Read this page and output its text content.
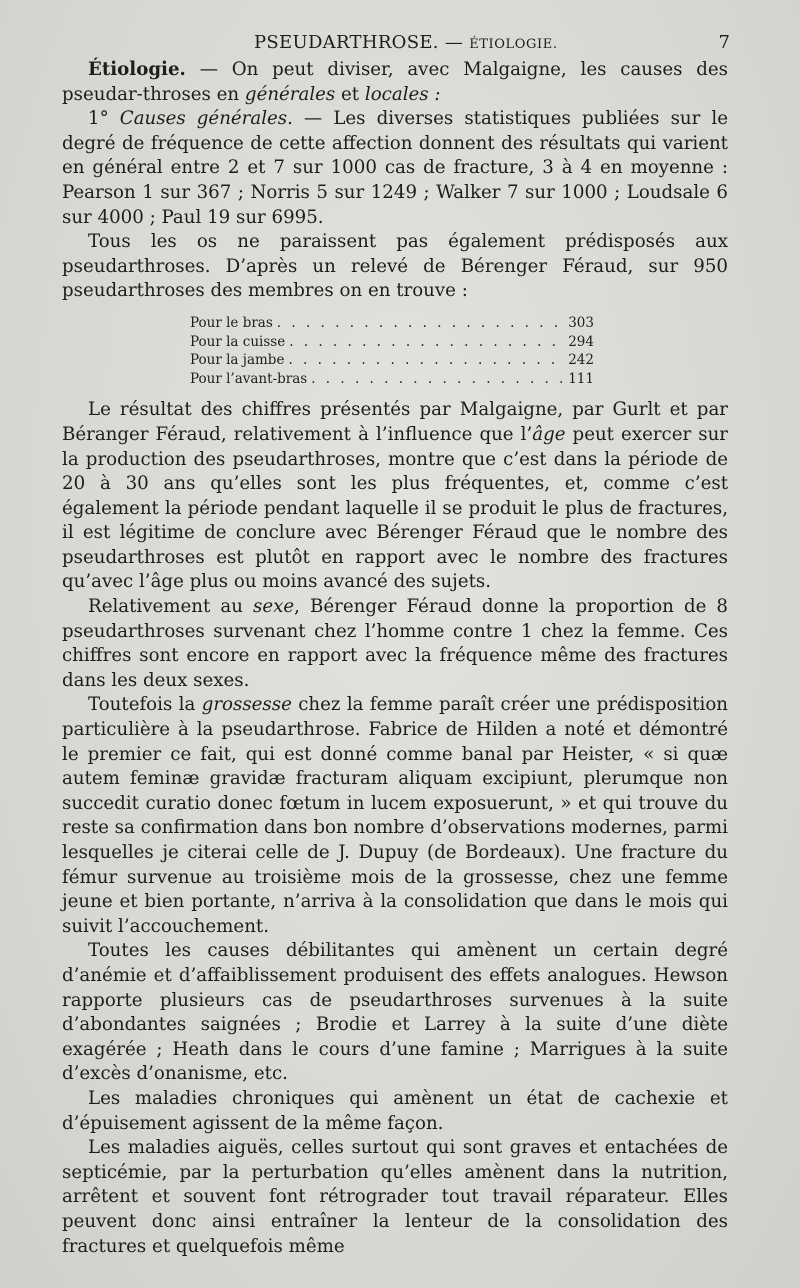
PSEUDARTHROSE. — ÉTIOLOGIE.	7

Étiologie. — On peut diviser, avec Malgaigne, les causes des pseudar-throses en générales et locales :

1° Causes générales. — Les diverses statistiques publiées sur le degré de fréquence de cette affection donnent des résultats qui varient en général entre 2 et 7 sur 1000 cas de fracture, 3 à 4 en moyenne : Pearson 1 sur 367 ; Norris 5 sur 1249 ; Walker 7 sur 1000 ; Loudsale 6 sur 4000 ; Paul 19 sur 6995.

Tous les os ne paraissent pas également prédisposés aux pseudarthroses. D’après un relevé de Bérenger Féraud, sur 950 pseudarthroses des membres on en trouve :

Pour le bras . . .	303
Pour la cuisse . . .	294
Pour la jambe . . .	242
Pour l’avant-bras . . .	111

Le résultat des chiffres présentés par Malgaigne, par Gurlt et par Béranger Féraud, relativement à l’influence que l’âge peut exercer sur la production des pseudarthroses, montre que c’est dans la période de 20 à 30 ans qu’elles sont les plus fréquentes, et, comme c’est également la période pendant laquelle il se produit le plus de fractures, il est légitime de conclure avec Bérenger Féraud que le nombre des pseudarthroses est plutôt en rapport avec le nombre des fractures qu’avec l’âge plus ou moins avancé des sujets.

Relativement au sexe, Bérenger Féraud donne la proportion de 8 pseudarthroses survenant chez l’homme contre 1 chez la femme. Ces chiffres sont encore en rapport avec la fréquence même des fractures dans les deux sexes.

Toutefois la grossesse chez la femme paraît créer une prédisposition particulière à la pseudarthrose. Fabrice de Hilden a noté et démontré le premier ce fait, qui est donné comme banal par Heister, « si quæ autem feminæ gravidæ fracturam aliquam excipiunt, plerumque non succedit curatio donec fœtum in lucem exposuerunt, » et qui trouve du reste sa confirmation dans bon nombre d’observations modernes, parmi lesquelles je citerai celle de J. Dupuy (de Bordeaux). Une fracture du fémur survenue au troisième mois de la grossesse, chez une femme jeune et bien portante, n’arriva à la consolidation que dans le mois qui suivit l’accouchement.

Toutes les causes débilitantes qui amènent un certain degré d’anémie et d’affaiblissement produisent des effets analogues. Hewson rapporte plusieurs cas de pseudarthroses survenues à la suite d’abondantes saignées ; Brodie et Larrey à la suite d’une diète exagérée ; Heath dans le cours d’une famine ; Marrigues à la suite d’excès d’onanisme, etc.

Les maladies chroniques qui amènent un état de cachexie et d’épuisement agissent de la même façon.

Les maladies aiguës, celles surtout qui sont graves et entachées de septicémie, par la perturbation qu’elles amènent dans la nutrition, arrêtent et souvent font rétrograder tout travail réparateur. Elles peuvent donc ainsi entraîner la lenteur de la consolidation des fractures et quelquefois même
